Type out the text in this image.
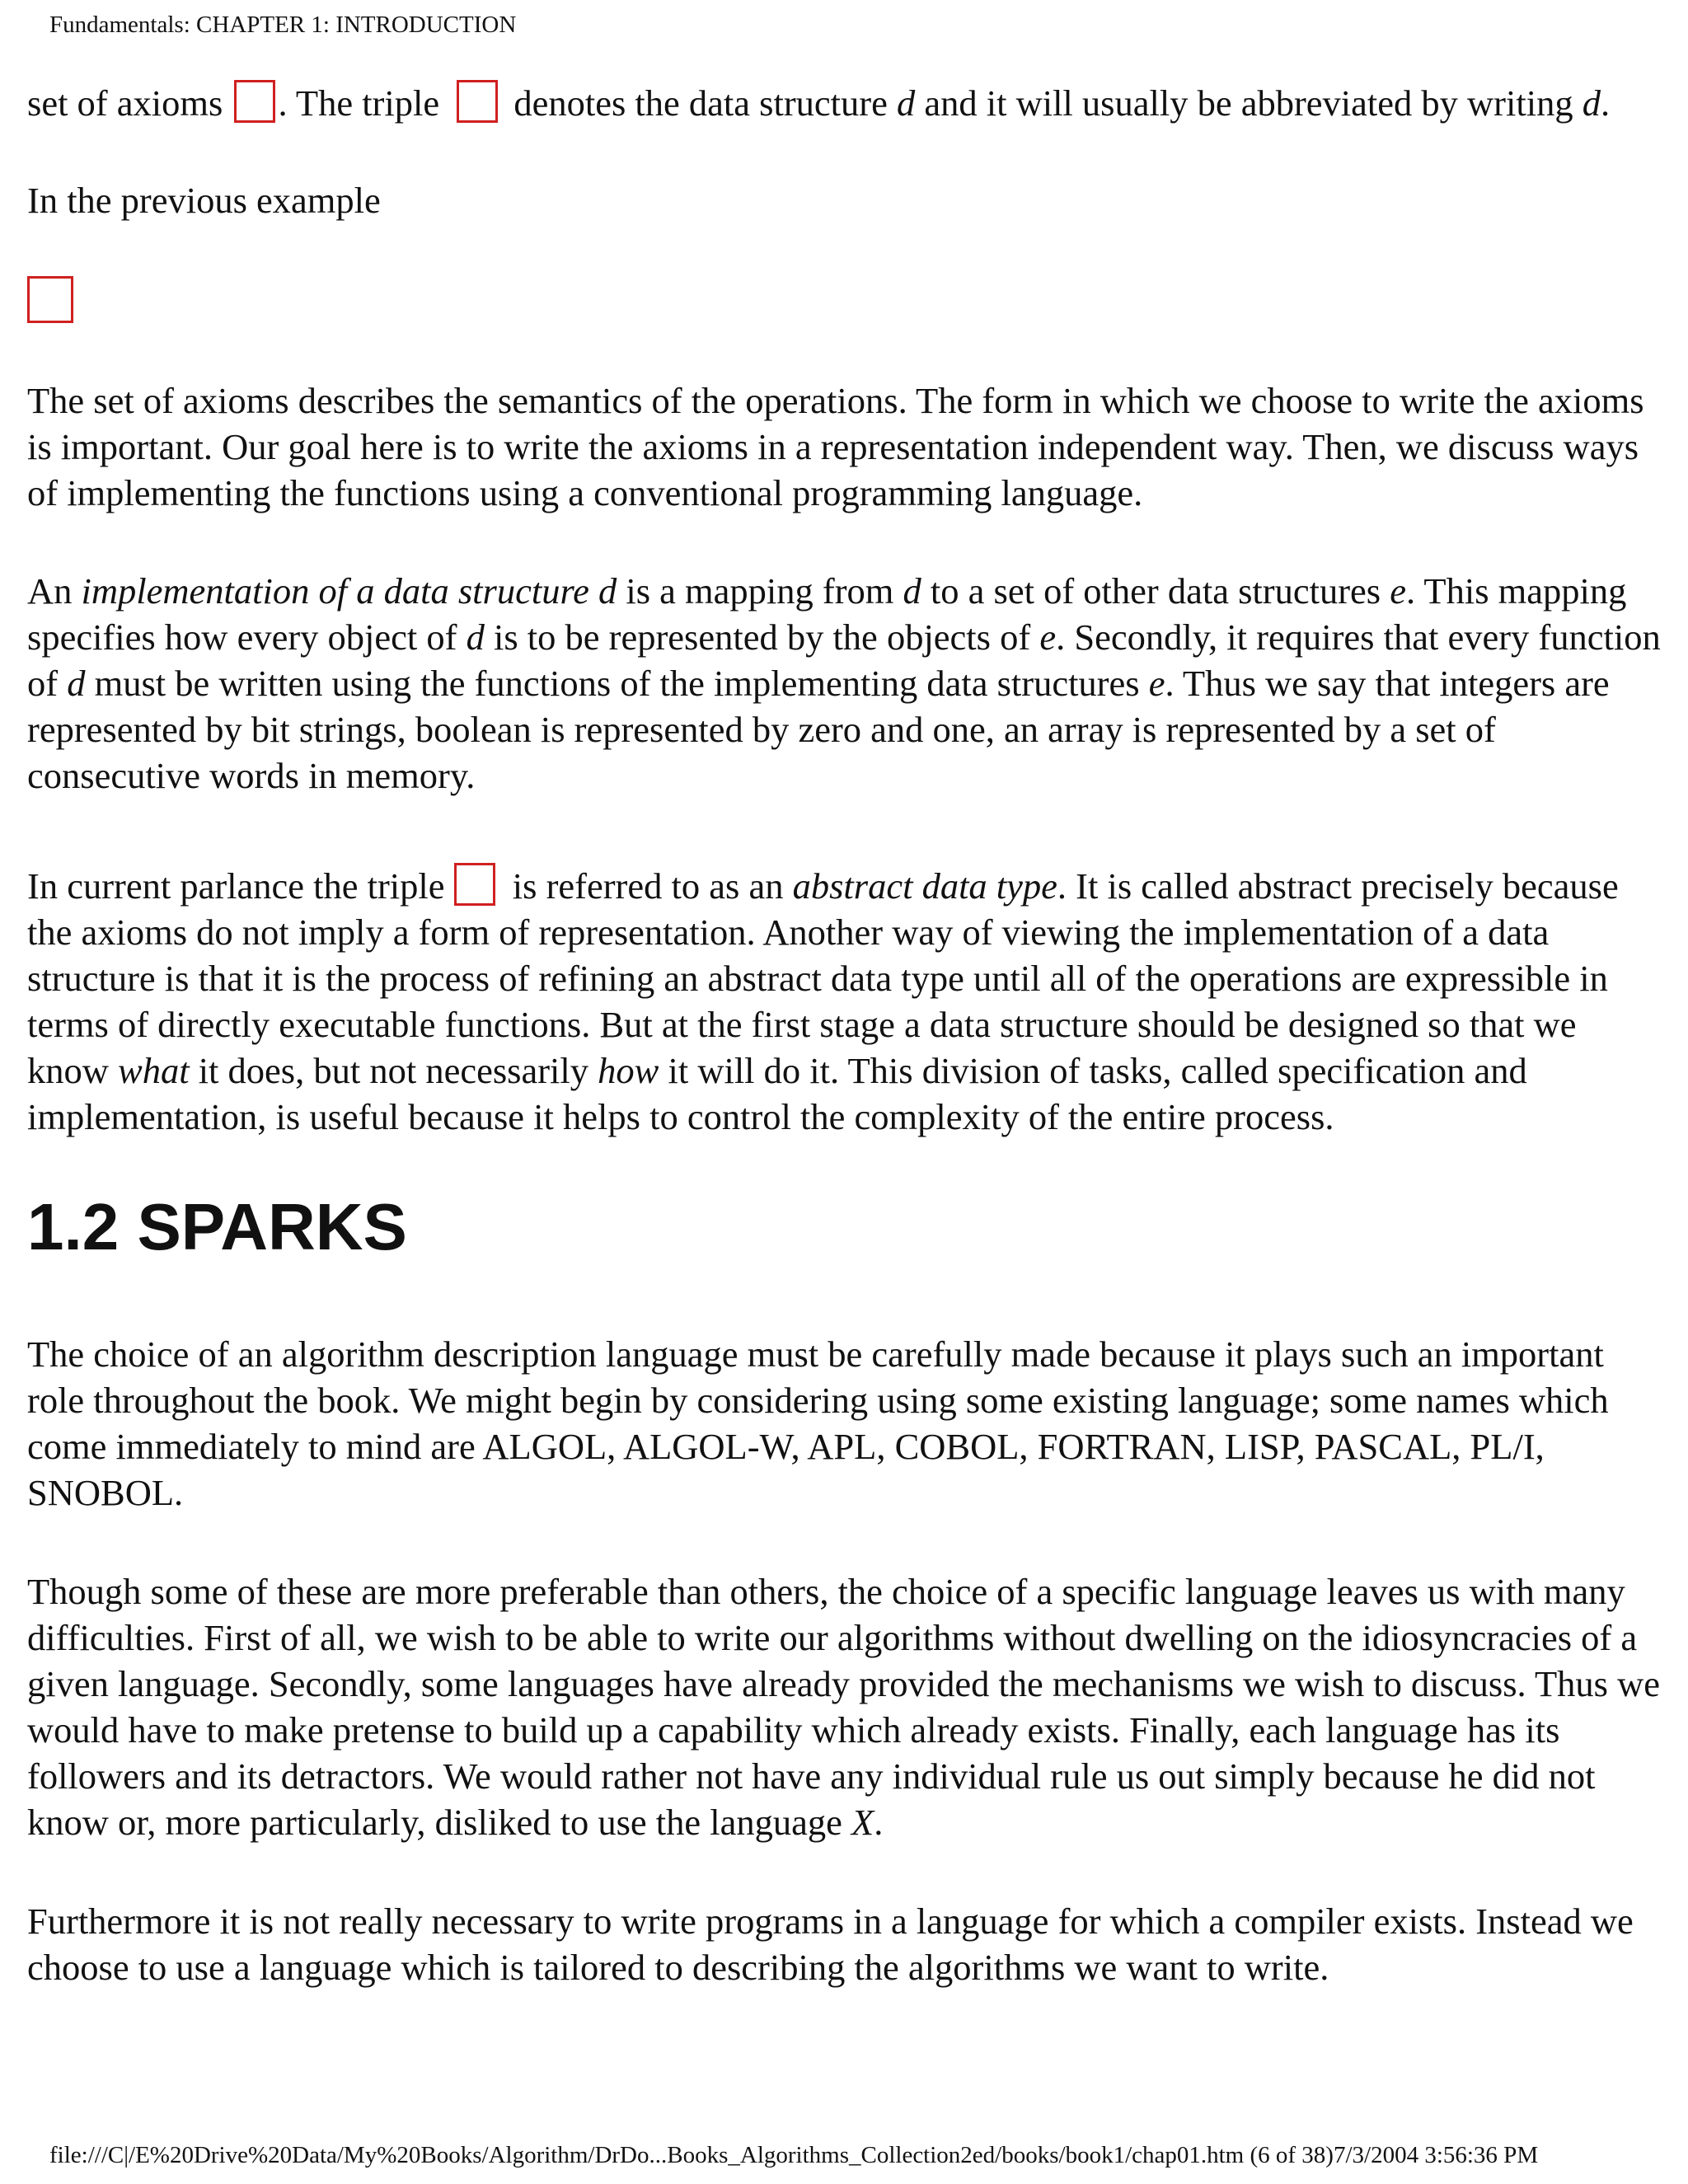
Fundamentals: CHAPTER 1: INTRODUCTION

set of axioms . The triple  denotes the data structure d and it will usually be abbreviated by writing d.

In the previous example

The set of axioms describes the semantics of the operations. The form in which we choose to write the axioms is important. Our goal here is to write the axioms in a representation independent way. Then, we discuss ways of implementing the functions using a conventional programming language.

An implementation of a data structure d is a mapping from d to a set of other data structures e. This mapping specifies how every object of d is to be represented by the objects of e. Secondly, it requires that every function of d must be written using the functions of the implementing data structures e. Thus we say that integers are represented by bit strings, boolean is represented by zero and one, an array is represented by a set of consecutive words in memory.

In current parlance the triple  is referred to as an abstract data type. It is called abstract precisely because the axioms do not imply a form of representation. Another way of viewing the implementation of a data structure is that it is the process of refining an abstract data type until all of the operations are expressible in terms of directly executable functions. But at the first stage a data structure should be designed so that we know what it does, but not necessarily how it will do it. This division of tasks, called specification and implementation, is useful because it helps to control the complexity of the entire process.

1.2 SPARKS

The choice of an algorithm description language must be carefully made because it plays such an important role throughout the book. We might begin by considering using some existing language; some names which come immediately to mind are ALGOL, ALGOL-W, APL, COBOL, FORTRAN, LISP, PASCAL, PL/I, SNOBOL.

Though some of these are more preferable than others, the choice of a specific language leaves us with many difficulties. First of all, we wish to be able to write our algorithms without dwelling on the idiosyncracies of a given language. Secondly, some languages have already provided the mechanisms we wish to discuss. Thus we would have to make pretense to build up a capability which already exists. Finally, each language has its followers and its detractors. We would rather not have any individual rule us out simply because he did not know or, more particularly, disliked to use the language X.

Furthermore it is not really necessary to write programs in a language for which a compiler exists. Instead we choose to use a language which is tailored to describing the algorithms we want to write.

file:///C|/E%20Drive%20Data/My%20Books/Algorithm/DrDo...Books_Algorithms_Collection2ed/books/book1/chap01.htm (6 of 38)7/3/2004 3:56:36 PM
